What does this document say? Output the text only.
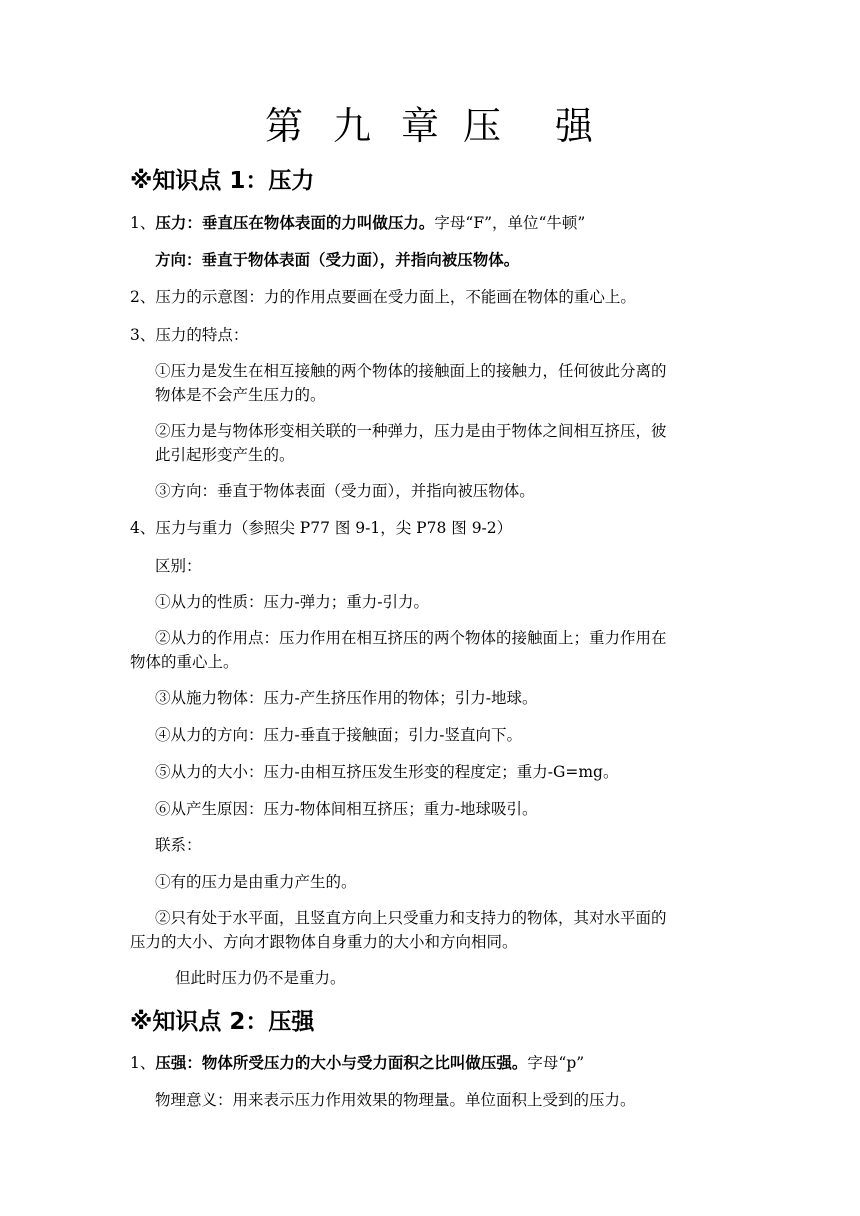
第 九 章 压 强
※知识点 1：压力
1、压力：垂直压在物体表面的力叫做压力。字母“F”，单位“牛顿”
方向：垂直于物体表面（受力面），并指向被压物体。
2、压力的示意图：力的作用点要画在受力面上，不能画在物体的重心上。
3、压力的特点：
①压力是发生在相互接触的两个物体的接触面上的接触力，任何彼此分离的
物体是不会产生压力的。
②压力是与物体形变相关联的一种弹力，压力是由于物体之间相互挤压，彼
此引起形变产生的。
③方向：垂直于物体表面（受力面），并指向被压物体。
4、压力与重力（参照尖 P77 图 9-1，尖 P78 图 9-2）
区别：
①从力的性质：压力-弹力；重力-引力。
②从力的作用点：压力作用在相互挤压的两个物体的接触面上；重力作用在
物体的重心上。
③从施力物体：压力-产生挤压作用的物体；引力-地球。
④从力的方向：压力-垂直于接触面；引力-竖直向下。
⑤从力的大小：压力-由相互挤压发生形变的程度定；重力-G=mg。
⑥从产生原因：压力-物体间相互挤压；重力-地球吸引。
联系：
①有的压力是由重力产生的。
②只有处于水平面，且竖直方向上只受重力和支持力的物体，其对水平面的
压力的大小、方向才跟物体自身重力的大小和方向相同。
但此时压力仍不是重力。
※知识点 2：压强
1、压强：物体所受压力的大小与受力面积之比叫做压强。字母“p”
物理意义：用来表示压力作用效果的物理量。单位面积上受到的压力。
